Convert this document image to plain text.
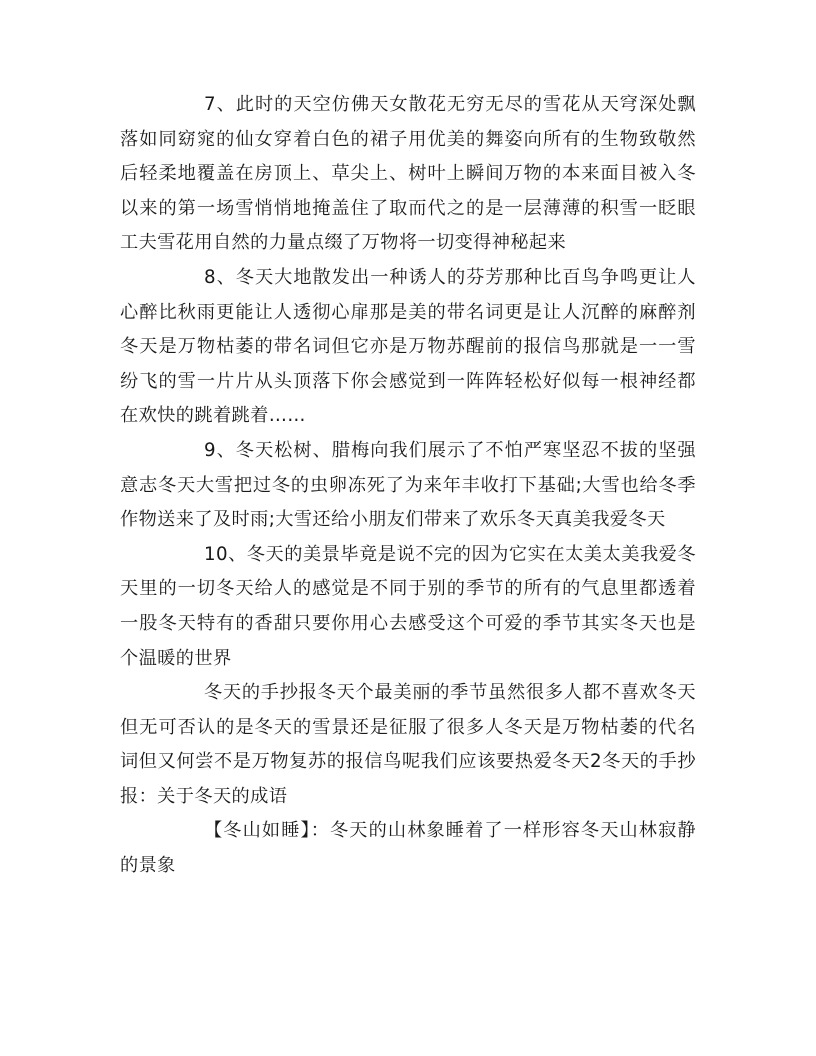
7、此时的天空仿佛天女散花无穷无尽的雪花从天穹深处飘落如同窈窕的仙女穿着白色的裙子用优美的舞姿向所有的生物致敬然后轻柔地覆盖在房顶上、草尖上、树叶上瞬间万物的本来面目被入冬以来的第一场雪悄悄地掩盖住了取而代之的是一层薄薄的积雪一眨眼工夫雪花用自然的力量点缀了万物将一切变得神秘起来

8、冬天大地散发出一种诱人的芬芳那种比百鸟争鸣更让人心醉比秋雨更能让人透彻心扉那是美的带名词更是让人沉醉的麻醉剂冬天是万物枯萎的带名词但它亦是万物苏醒前的报信鸟那就是一一雪纷飞的雪一片片从头顶落下你会感觉到一阵阵轻松好似每一根神经都在欢快的跳着跳着……

9、冬天松树、腊梅向我们展示了不怕严寒坚忍不拔的坚强意志冬天大雪把过冬的虫卵冻死了为来年丰收打下基础;大雪也给冬季作物送来了及时雨;大雪还给小朋友们带来了欢乐冬天真美我爱冬天

10、冬天的美景毕竟是说不完的因为它实在太美太美我爱冬天里的一切冬天给人的感觉是不同于别的季节的所有的气息里都透着一股冬天特有的香甜只要你用心去感受这个可爱的季节其实冬天也是个温暖的世界

冬天的手抄报冬天个最美丽的季节虽然很多人都不喜欢冬天但无可否认的是冬天的雪景还是征服了很多人冬天是万物枯萎的代名词但又何尝不是万物复苏的报信鸟呢我们应该要热爱冬天2冬天的手抄报：关于冬天的成语

【冬山如睡】：冬天的山林象睡着了一样形容冬天山林寂静的景象
